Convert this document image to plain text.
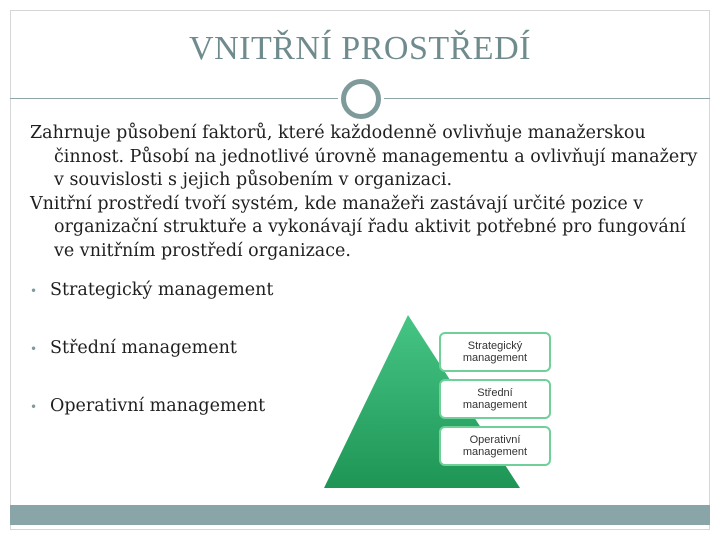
VNITŘNÍ PROSTŘEDÍ

Zahrnuje působení faktorů, které každodenně ovlivňuje manažerskou činnost. Působí na jednotlivé úrovně managementu a ovlivňují manažery v souvislosti s jejich působením v organizaci.

Vnitřní prostředí tvoří systém, kde manažeři zastávají určité pozice v organizační struktuře a vykonávají řadu aktivit potřebné pro fungování ve vnitřním prostředí organizace.

• Strategický management
• Střední management
• Operativní management
Strategický
management
Střední
management
Operativní
management
